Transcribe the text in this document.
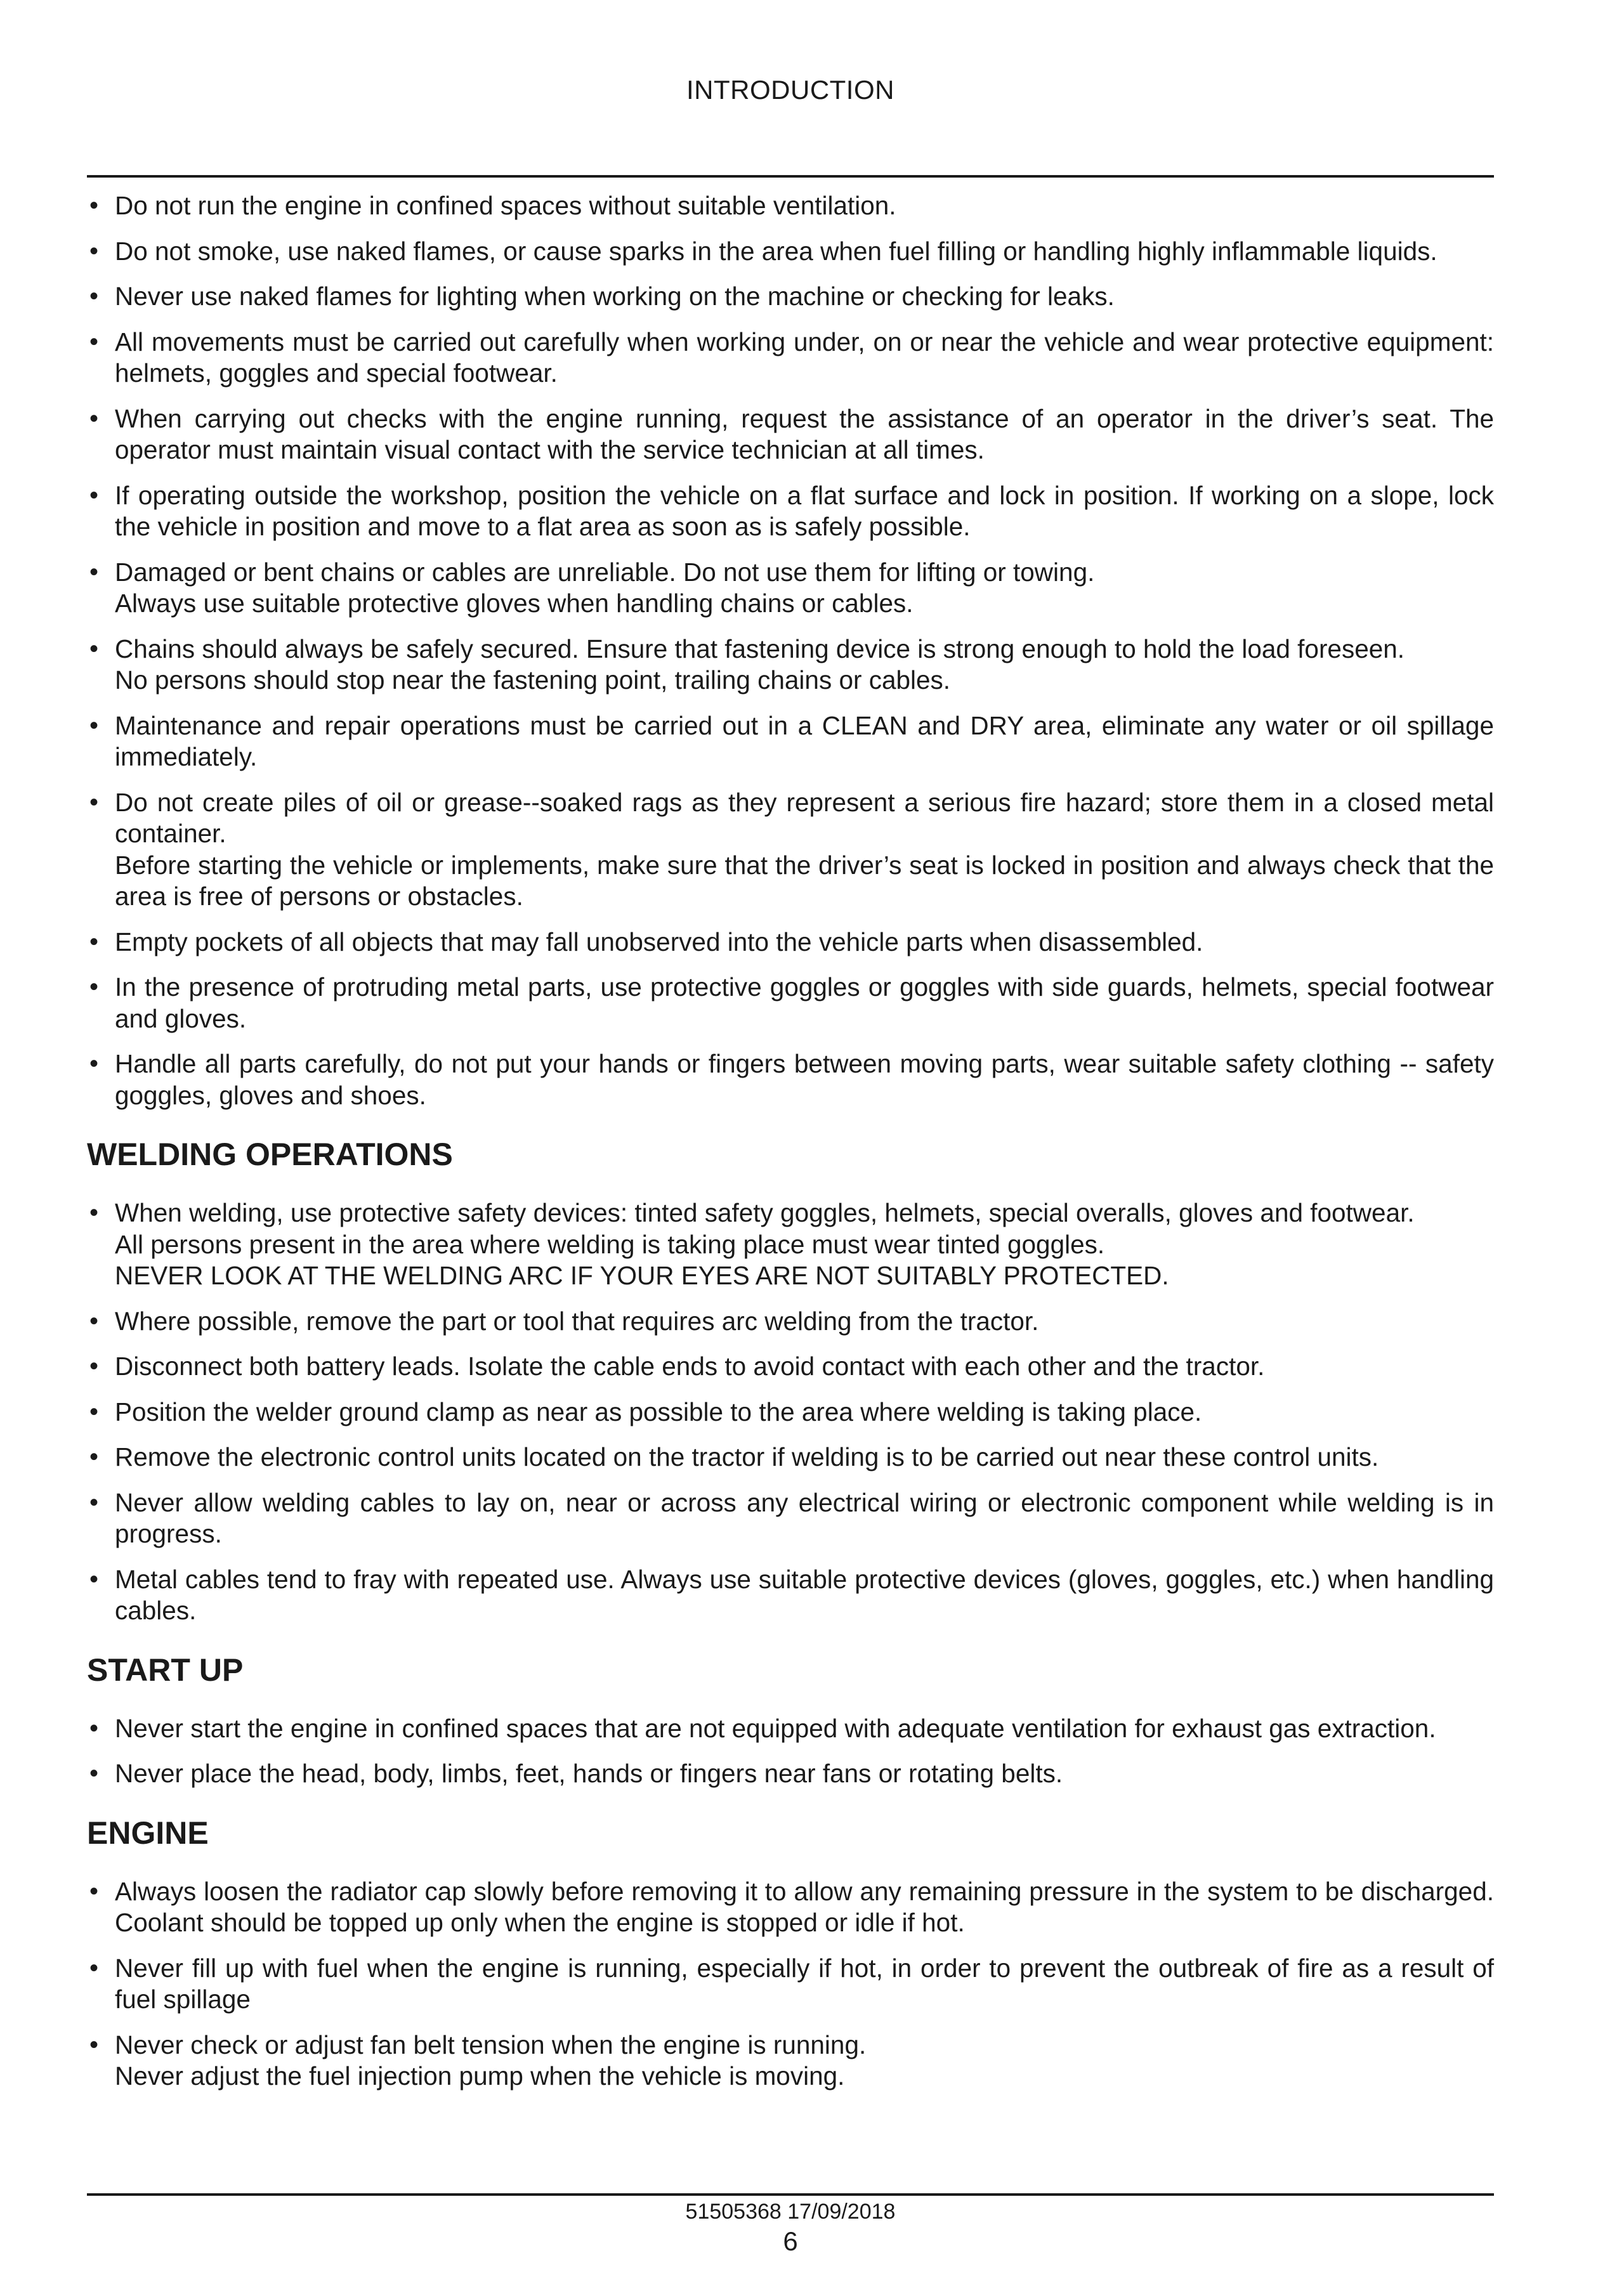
INTRODUCTION
• Do not run the engine in confined spaces without suitable ventilation.
• Do not smoke, use naked flames, or cause sparks in the area when fuel filling or handling highly inflammable liquids.
• Never use naked flames for lighting when working on the machine or checking for leaks.
• All movements must be carried out carefully when working under, on or near the vehicle and wear protective equipment: helmets, goggles and special footwear.
• When carrying out checks with the engine running, request the assistance of an operator in the driver’s seat. The operator must maintain visual contact with the service technician at all times.
• If operating outside the workshop, position the vehicle on a flat surface and lock in position. If working on a slope, lock the vehicle in position and move to a flat area as soon as is safely possible.
• Damaged or bent chains or cables are unreliable. Do not use them for lifting or towing.
Always use suitable protective gloves when handling chains or cables.
• Chains should always be safely secured. Ensure that fastening device is strong enough to hold the load foreseen.
No persons should stop near the fastening point, trailing chains or cables.
• Maintenance and repair operations must be carried out in a CLEAN and DRY area, eliminate any water or oil spillage immediately.
• Do not create piles of oil or grease--soaked rags as they represent a serious fire hazard; store them in a closed metal container.
Before starting the vehicle or implements, make sure that the driver’s seat is locked in position and always check that the area is free of persons or obstacles.
• Empty pockets of all objects that may fall unobserved into the vehicle parts when disassembled.
• In the presence of protruding metal parts, use protective goggles or goggles with side guards, helmets, special footwear and gloves.
• Handle all parts carefully, do not put your hands or fingers between moving parts, wear suitable safety clothing -- safety goggles, gloves and shoes.
WELDING OPERATIONS
• When welding, use protective safety devices: tinted safety goggles, helmets, special overalls, gloves and footwear.
All persons present in the area where welding is taking place must wear tinted goggles.
NEVER LOOK AT THE WELDING ARC IF YOUR EYES ARE NOT SUITABLY PROTECTED.
• Where possible, remove the part or tool that requires arc welding from the tractor.
• Disconnect both battery leads. Isolate the cable ends to avoid contact with each other and the tractor.
• Position the welder ground clamp as near as possible to the area where welding is taking place.
• Remove the electronic control units located on the tractor if welding is to be carried out near these control units.
• Never allow welding cables to lay on, near or across any electrical wiring or electronic component while welding is in progress.
• Metal cables tend to fray with repeated use. Always use suitable protective devices (gloves, goggles, etc.) when handling cables.
START UP
• Never start the engine in confined spaces that are not equipped with adequate ventilation for exhaust gas extraction.
• Never place the head, body, limbs, feet, hands or fingers near fans or rotating belts.
ENGINE
• Always loosen the radiator cap slowly before removing it to allow any remaining pressure in the system to be discharged. Coolant should be topped up only when the engine is stopped or idle if hot.
• Never fill up with fuel when the engine is running, especially if hot, in order to prevent the outbreak of fire as a result of fuel spillage
• Never check or adjust fan belt tension when the engine is running.
Never adjust the fuel injection pump when the vehicle is moving.
51505368 17/09/2018
6
